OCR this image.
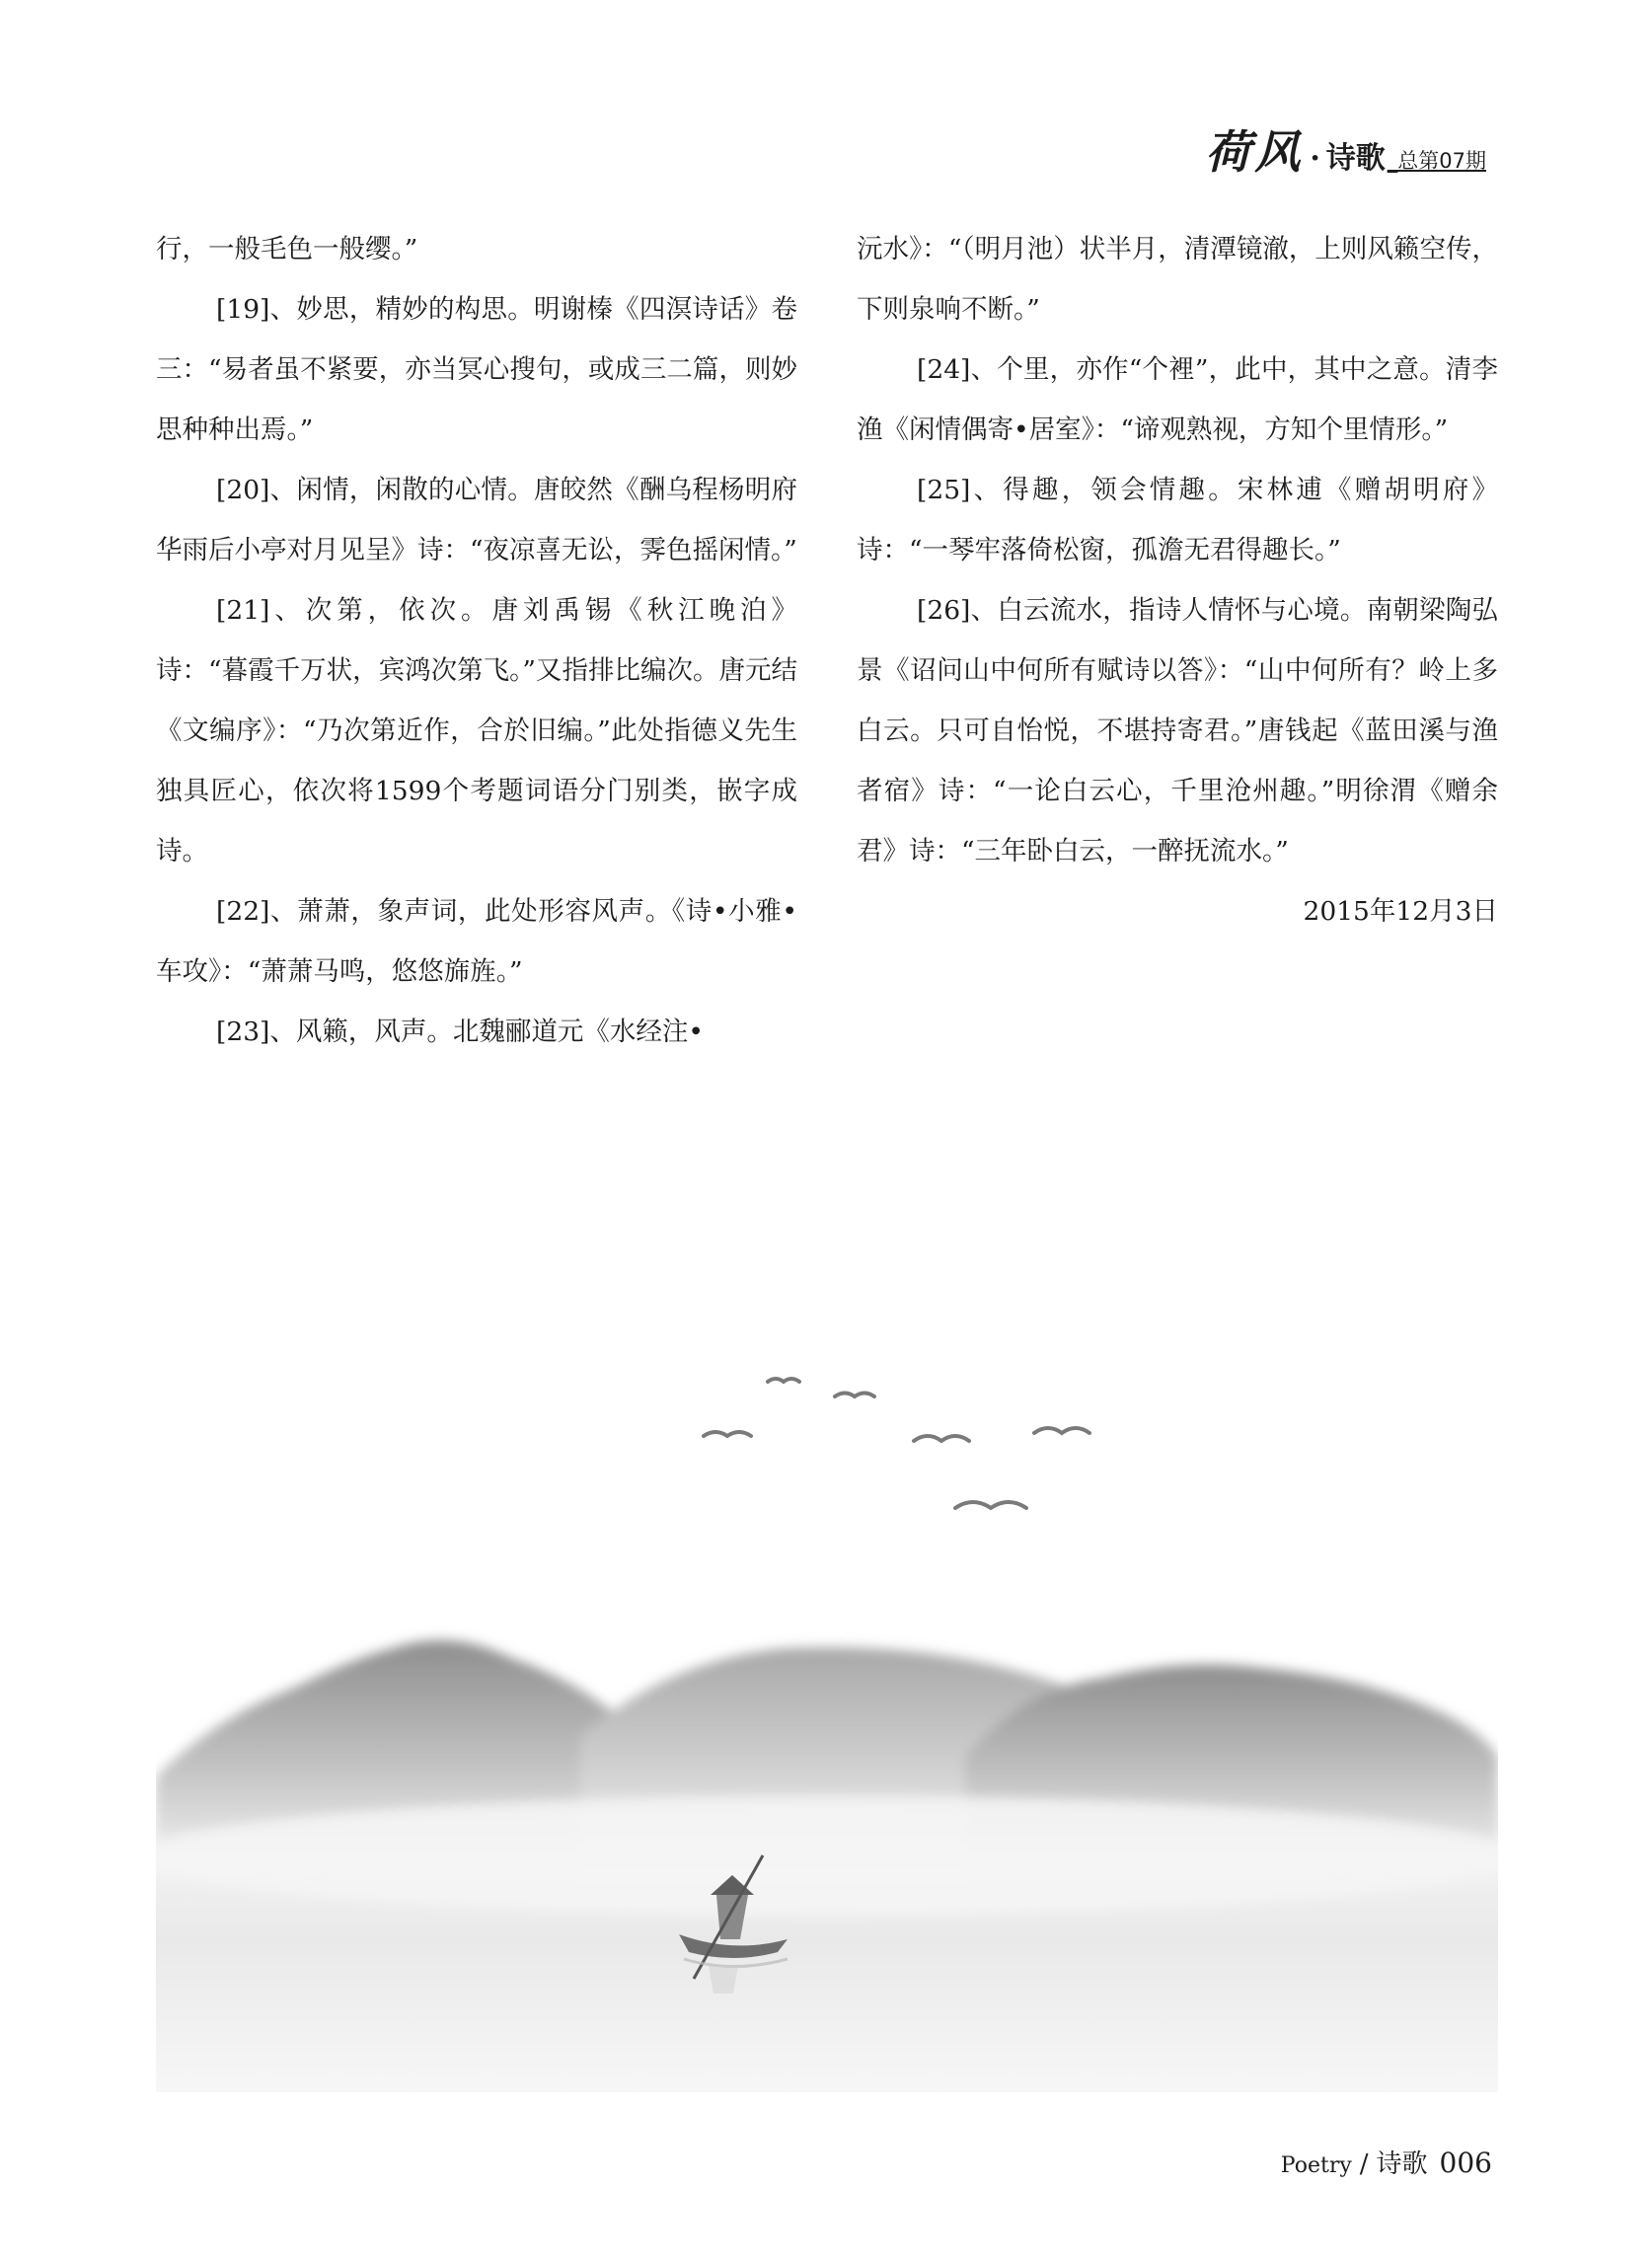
荷风 · 诗歌 _总第07期

行，一般毛色一般缨。”

[19]、妙思，精妙的构思。明谢榛《四溟诗话》卷三：“易者虽不紧要，亦当冥心搜句，或成三二篇，则妙思种种出焉。”

[20]、闲情，闲散的心情。唐皎然《酬乌程杨明府华雨后小亭对月见呈》诗：“夜凉喜无讼，霁色摇闲情。”

[21]、次第，依次。唐刘禹锡《秋江晚泊》诗：“暮霞千万状，宾鸿次第飞。”又指排比编次。唐元结《文编序》：“乃次第近作，合於旧编。”此处指德义先生独具匠心，依次将1599个考题词语分门别类，嵌字成诗。

[22]、萧萧，象声词，此处形容风声。《诗•小雅•车攻》：“萧萧马鸣，悠悠旆旌。”

[23]、风籁，风声。北魏郦道元《水经注•

沅水》：“（明月池）状半月，清潭镜澈，上则风籁空传，下则泉响不断。”

[24]、个里，亦作“个裡”，此中，其中之意。清李渔《闲情偶寄•居室》：“谛观熟视，方知个里情形。”

[25]、得趣，领会情趣。宋林逋《赠胡明府》诗：“一琴牢落倚松窗，孤澹无君得趣长。”

[26]、白云流水，指诗人情怀与心境。南朝梁陶弘景《诏问山中何所有赋诗以答》：“山中何所有？岭上多白云。只可自怡悦，不堪持寄君。”唐钱起《蓝田溪与渔者宿》诗：“一论白云心，千里沧州趣。”明徐渭《赠余君》诗：“三年卧白云，一醉抚流水。”

2015年12月3日

Poetry / 诗歌 006
